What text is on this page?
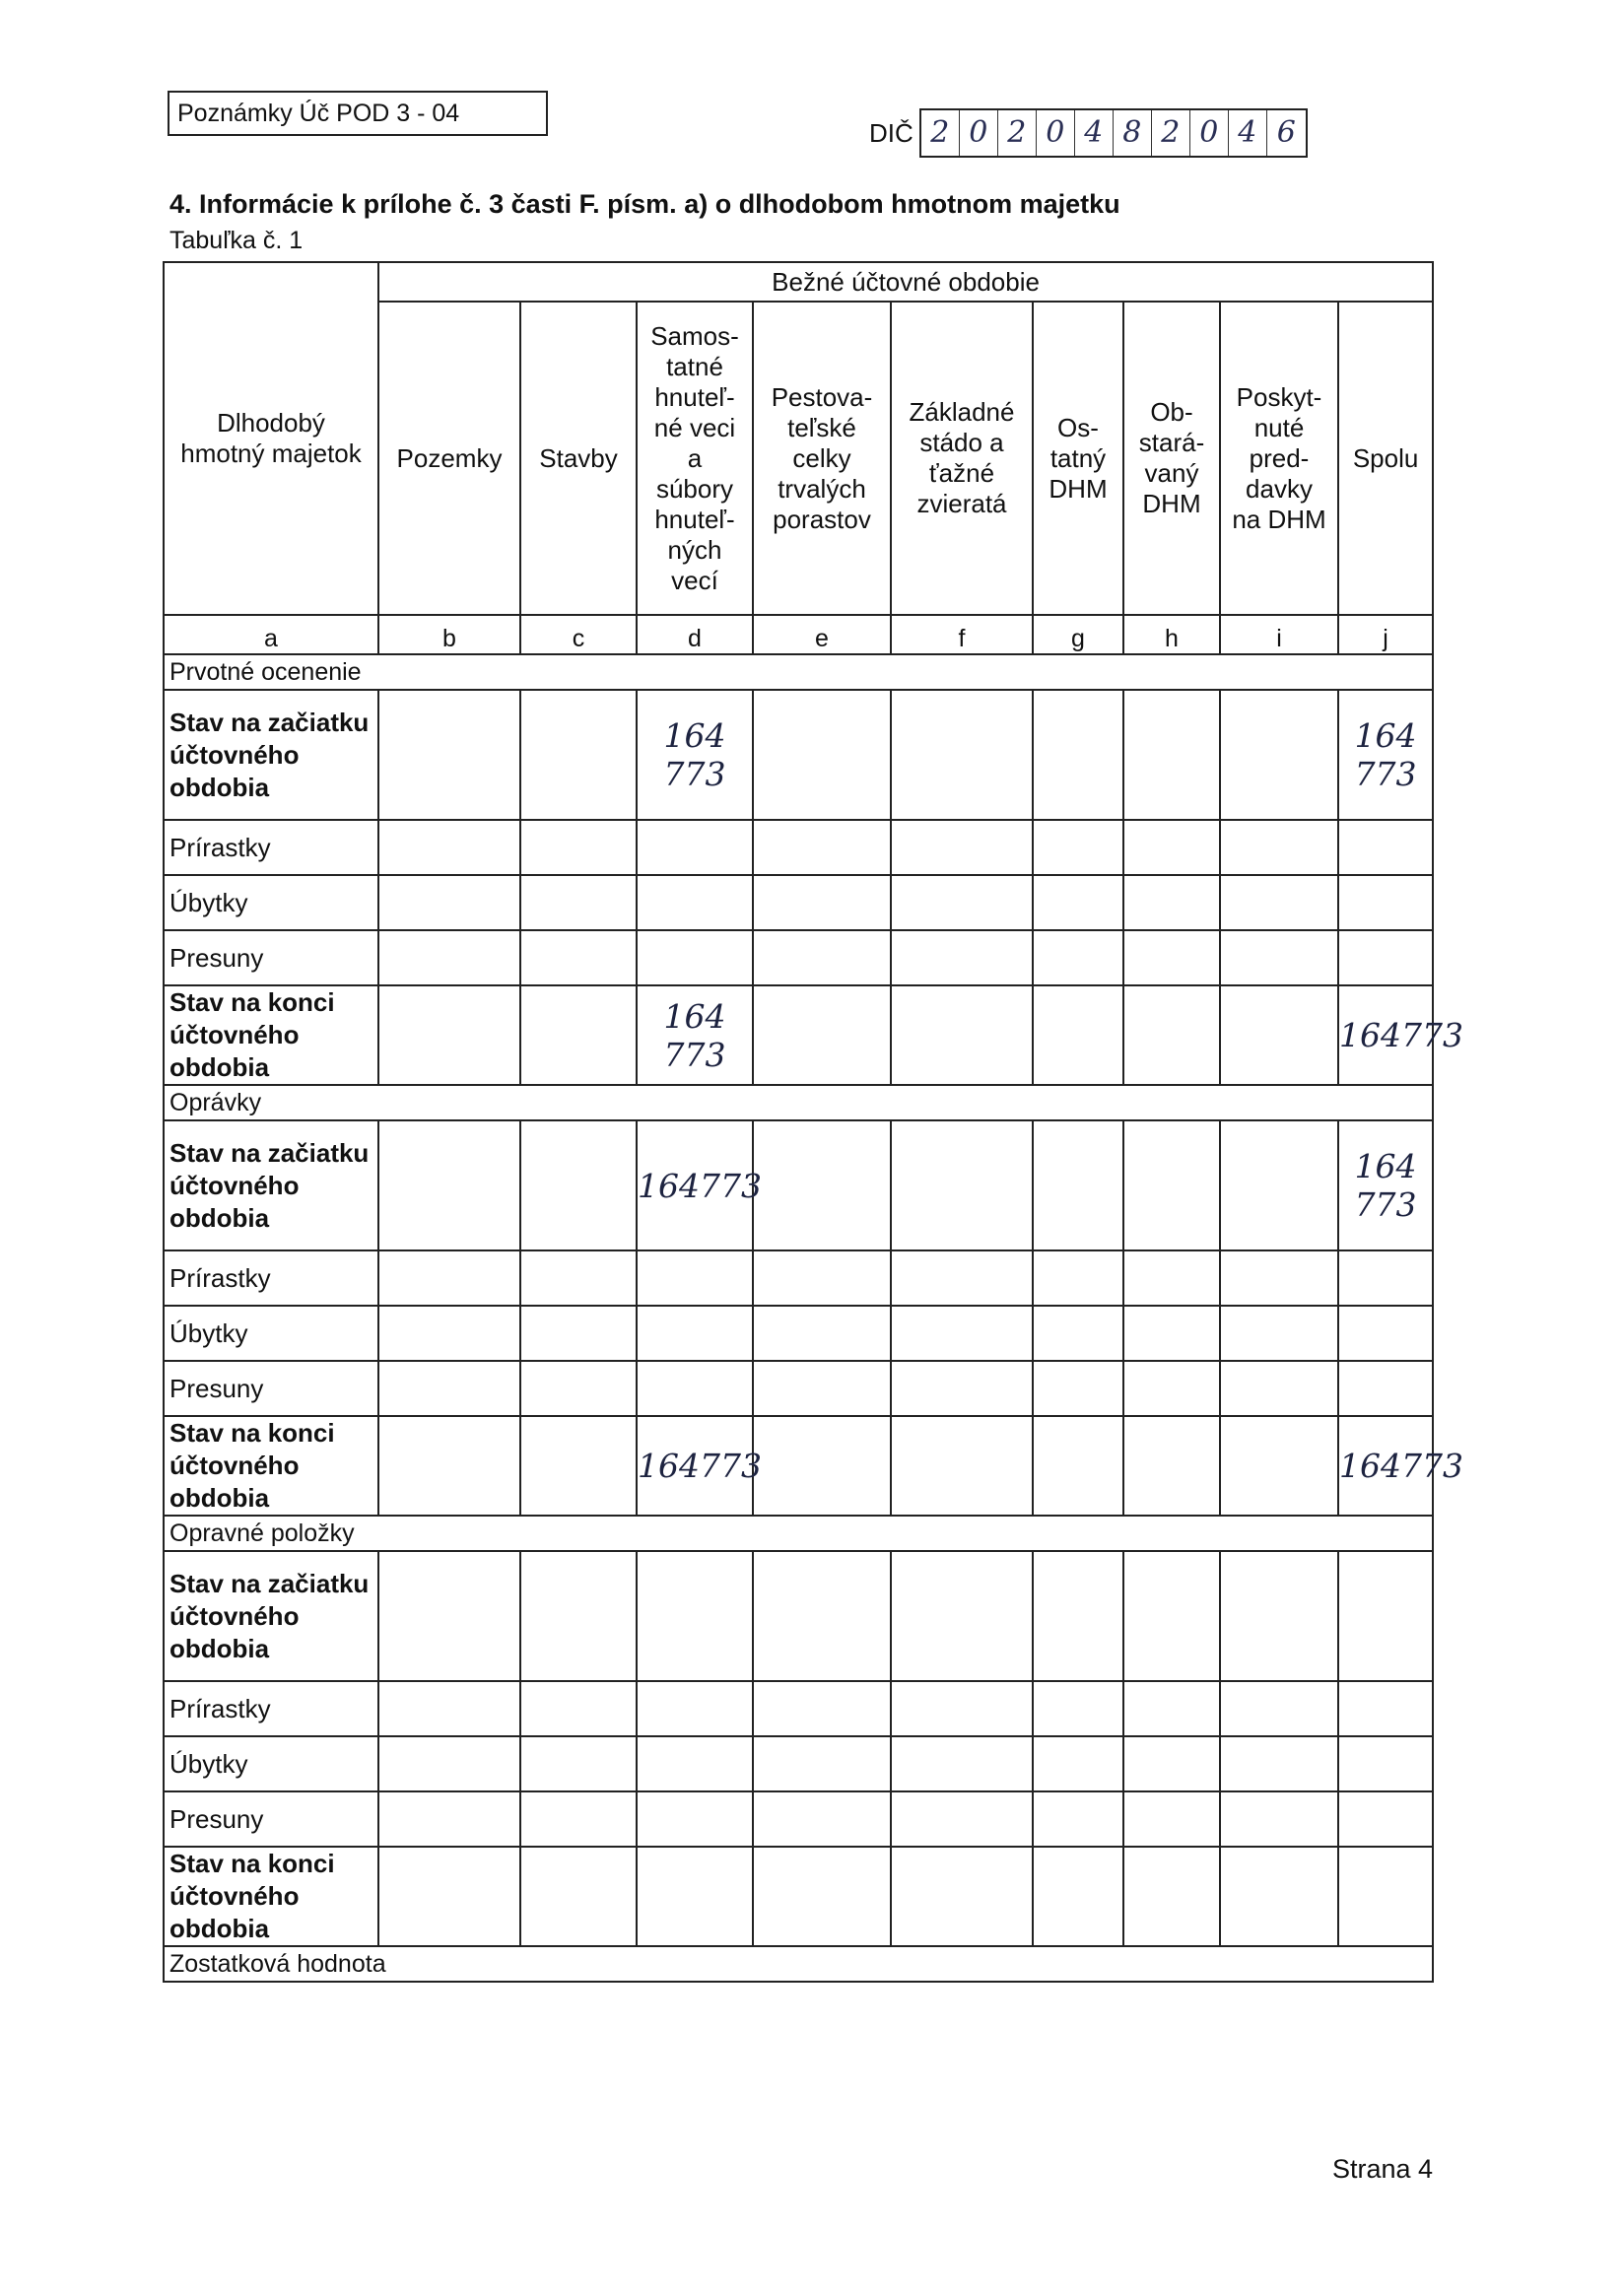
Poznámky Úč POD 3 - 04
DIČ 2 0 2 0 4 8 2 0 4 6
4. Informácie k prílohe č. 3 časti F. písm. a) o dlhodobom hmotnom majetku
Tabuľka č. 1
Dlhodobý hmotný majetok	Bežné účtovné obdobie								
	Pozemky	Stavby	Samos-tatné hnuteľ-né veci a súbory hnuteľ-ných vecí	Pestova-teľské celky trvalých porastov	Základné stádo a ťažné zvieratá	Os-tatný DHM	Ob-stará-vaný DHM	Poskyt-nuté pred-davky na DHM	Spolu
a	b	c	d	e	f	g	h	i	j
Prvotné ocenenie									
Stav na začiatku účtovného obdobia			164 773						164 773
Prírastky									
Úbytky									
Presuny									
Stav na konci účtovného obdobia			164 773						164773
Oprávky									
Stav na začiatku účtovného obdobia			164773						164 773
Prírastky									
Úbytky									
Presuny									
Stav na konci účtovného obdobia			164773						164773
Opravné položky									
Stav na začiatku účtovného obdobia									
Prírastky									
Úbytky									
Presuny									
Stav na konci účtovného obdobia									
Zostatková hodnota									
Strana 4
